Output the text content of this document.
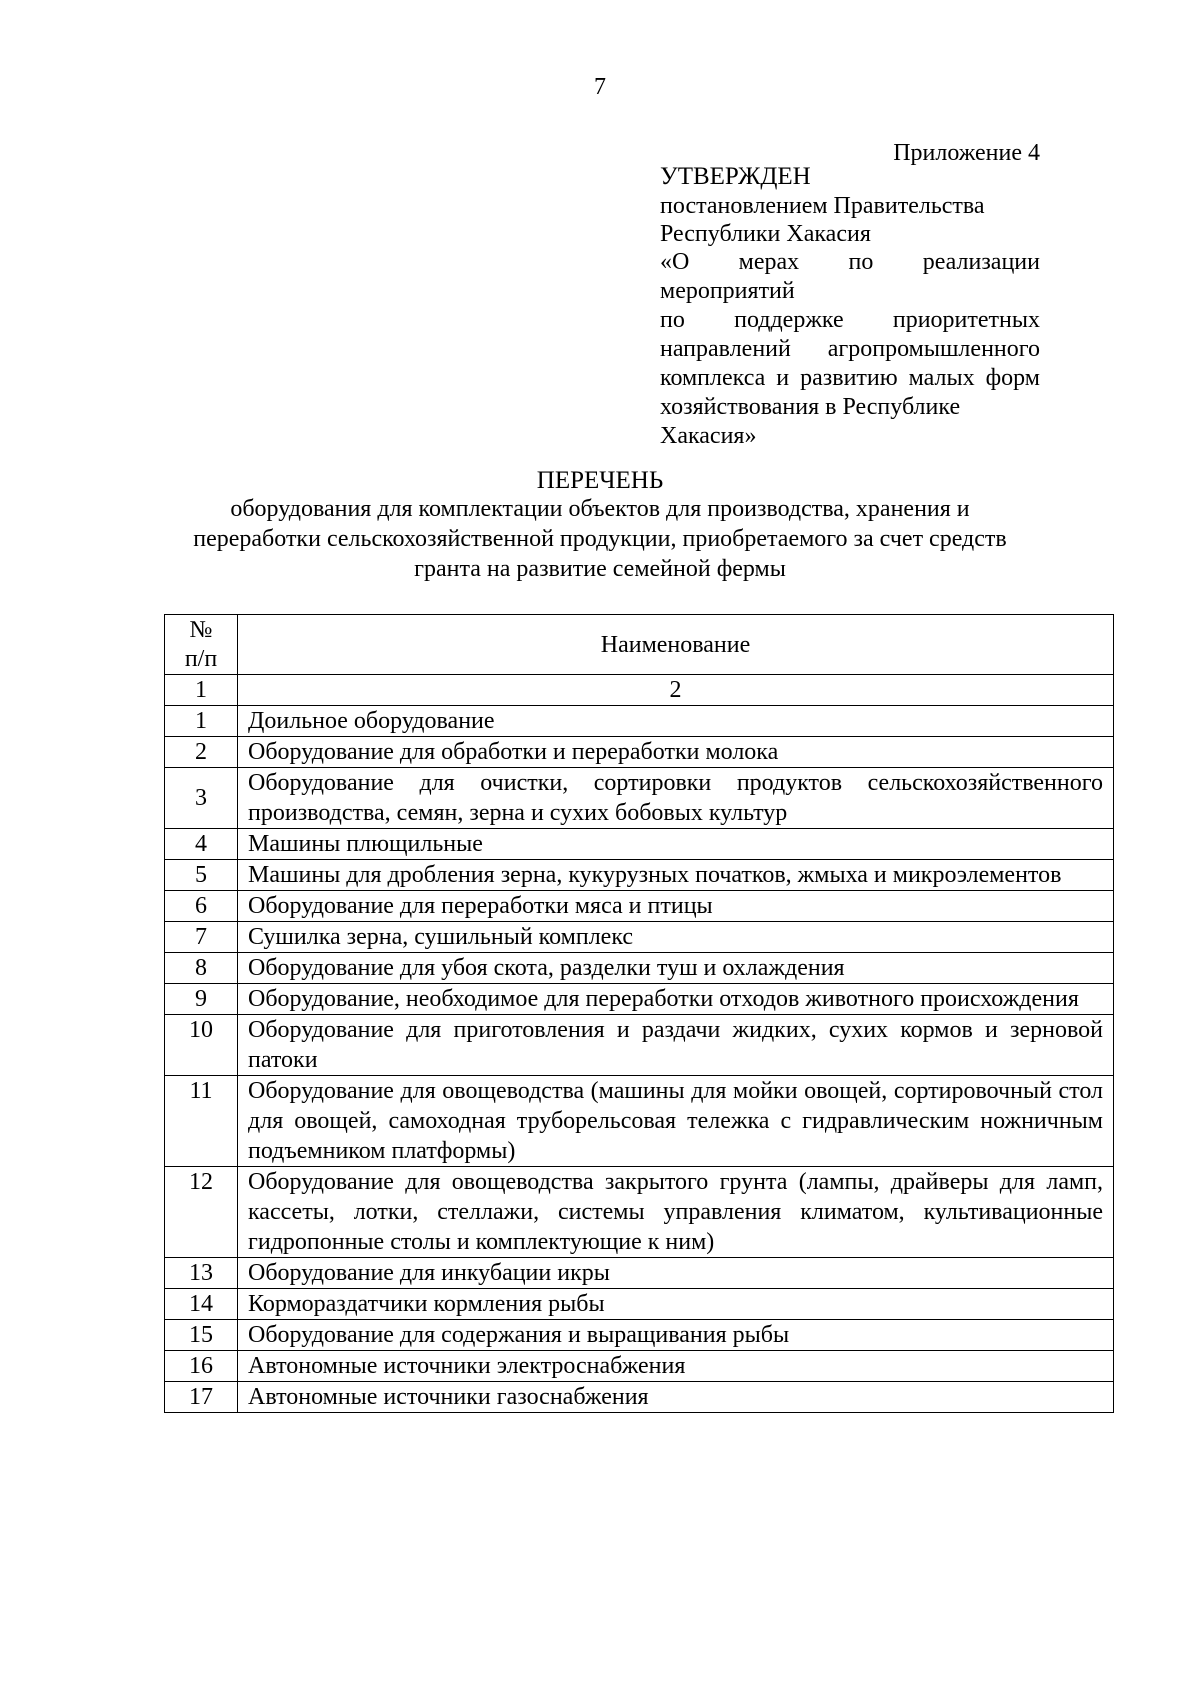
7
Приложение 4
УТВЕРЖДЕН
постановлением Правительства
Республики Хакасия
«О мерах по реализации мероприятий
по поддержке приоритетных
направлений агропромышленного
комплекса и развитию малых форм
хозяйствования в Республике Хакасия»
ПЕРЕЧЕНЬ
оборудования для комплектации объектов для производства, хранения и
переработки сельскохозяйственной продукции, приобретаемого за счет средств
гранта на развитие семейной фермы
№
п/п	Наименование
1	2
1	Доильное оборудование
2	Оборудование для обработки и переработки молока
3	Оборудование для очистки, сортировки продуктов сельскохозяйственного производства, семян, зерна и сухих бобовых культур
4	Машины плющильные
5	Машины для дробления зерна, кукурузных початков, жмыха и микроэлементов
6	Оборудование для переработки мяса и птицы
7	Сушилка зерна, сушильный комплекс
8	Оборудование для убоя скота, разделки туш и охлаждения
9	Оборудование, необходимое для переработки отходов животного происхождения
10	Оборудование для приготовления и раздачи жидких, сухих кормов и зерновой патоки
11	Оборудование для овощеводства (машины для мойки овощей, сортировочный стол для овощей, самоходная труборельсовая тележка с гидравлическим ножничным подъемником платформы)
12	Оборудование для овощеводства закрытого грунта (лампы, драйверы для ламп, кассеты, лотки, стеллажи, системы управления климатом, культивационные гидропонные столы и комплектующие к ним)
13	Оборудование для инкубации икры
14	Кормораздатчики кормления рыбы
15	Оборудование для содержания и выращивания рыбы
16	Автономные источники электроснабжения
17	Автономные источники газоснабжения
